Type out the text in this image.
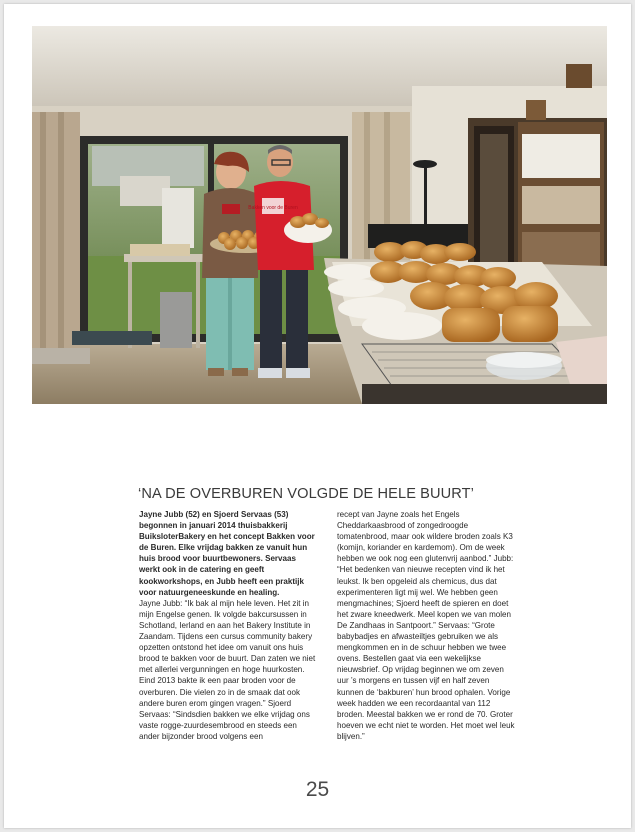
Bakken voor de Buren
‘NA DE OVERBUREN VOLGDE DE HELE BUURT’

Jayne Jubb (52) en Sjoerd Servaas (53) begonnen in januari 2014 thuisbakkerij BuiksloterBakery en het concept Bakken voor de Buren. Elke vrijdag bakken ze vanuit hun huis brood voor buurtbewoners. Servaas werkt ook in de catering en geeft kookworkshops, en Jubb heeft een praktijk voor natuurgeneeskunde en healing.

Jayne Jubb: “Ik bak al mijn hele leven. Het zit in mijn Engelse genen. Ik volgde bakcursussen in Schotland, Ierland en aan het Bakery Institute in Zaandam. Tijdens een cursus community bakery opzetten ontstond het idee om vanuit ons huis brood te bakken voor de buurt. Dan zaten we niet met allerlei vergunningen en hoge huurkosten. Eind 2013 bakte ik een paar broden voor de overburen. Die vielen zo in de smaak dat ook andere buren erom gingen vragen.” Sjoerd Servaas: “Sindsdien bakken we elke vrijdag ons vaste rogge-zuurdesembrood en steeds een ander bijzonder brood volgens een

recept van Jayne zoals het Engels Cheddarkaasbrood of zongedroogde tomatenbrood, maar ook wildere broden zoals K3 (komijn, koriander en kardemom). Om de week hebben we ook nog een glutenvrij aanbod.” Jubb: “Het bedenken van nieuwe recepten vind ik het leukst. Ik ben opgeleid als chemicus, dus dat experimenteren ligt mij wel. We hebben geen mengmachines; Sjoerd heeft de spieren en doet het zware kneedwerk. Meel kopen we van molen De Zandhaas in Santpoort.” Servaas: “Grote babybadjes en afwasteiltjes gebruiken we als mengkommen en in de schuur hebben we twee ovens. Bestellen gaat via een wekelijkse nieuwsbrief. Op vrijdag beginnen we om zeven uur ’s morgens en tussen vijf en half zeven kunnen de ‘bakburen’ hun brood ophalen. Vorige week hadden we een recordaantal van 112 broden. Meestal bakken we er rond de 70. Groter hoeven we echt niet te worden. Het moet wel leuk blijven.”

25
